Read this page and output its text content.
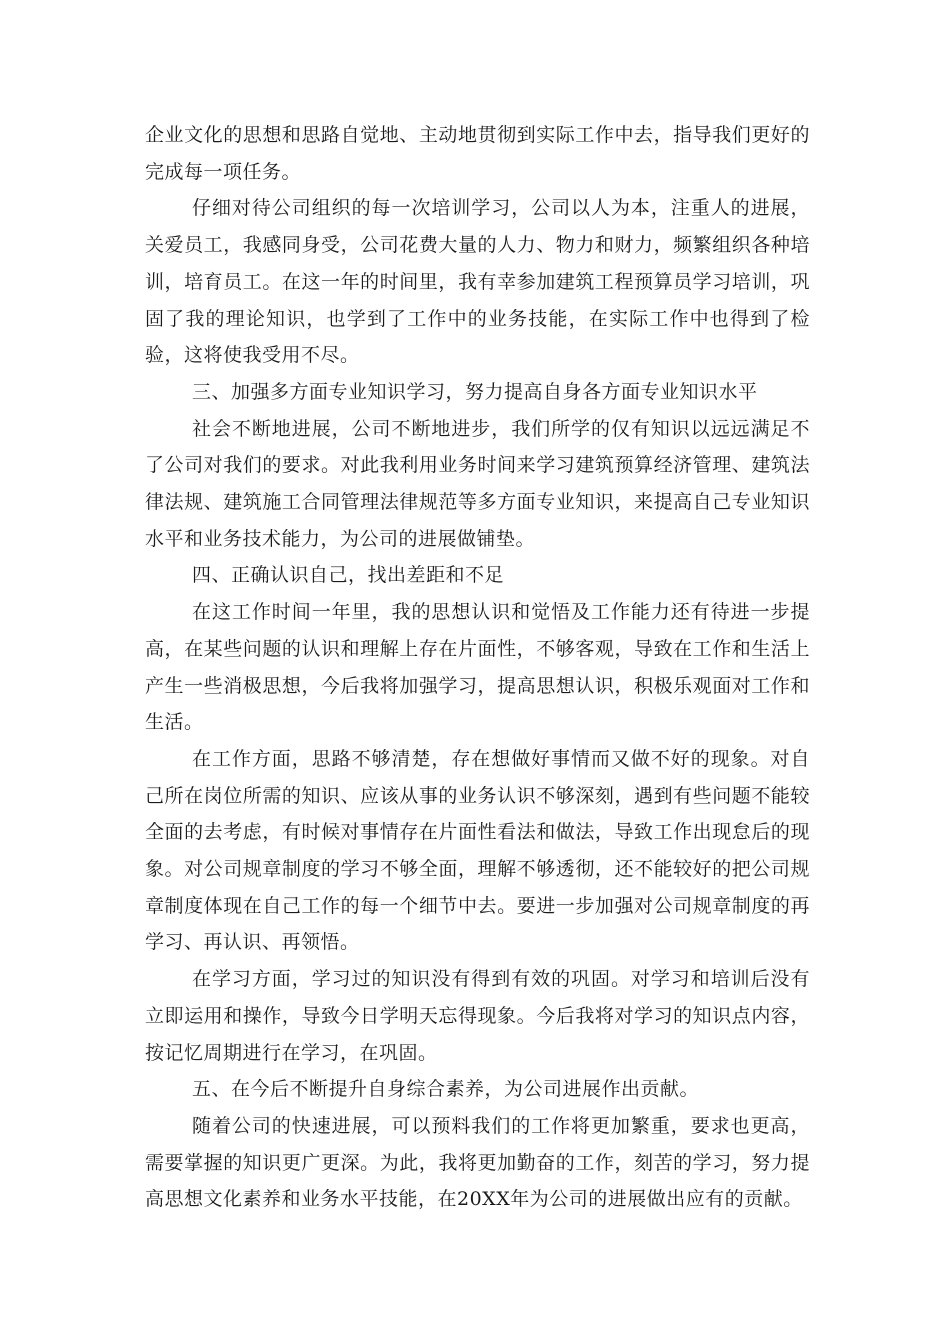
企业文化的思想和思路自觉地、主动地贯彻到实际工作中去，指导我们更好的完成每一项任务。

仔细对待公司组织的每一次培训学习，公司以人为本，注重人的进展，关爱员工，我感同身受，公司花费大量的人力、物力和财力，频繁组织各种培训，培育员工。在这一年的时间里，我有幸参加建筑工程预算员学习培训，巩固了我的理论知识，也学到了工作中的业务技能，在实际工作中也得到了检验，这将使我受用不尽。

三、加强多方面专业知识学习，努力提高自身各方面专业知识水平

社会不断地进展，公司不断地进步，我们所学的仅有知识以远远满足不了公司对我们的要求。对此我利用业务时间来学习建筑预算经济管理、建筑法律法规、建筑施工合同管理法律规范等多方面专业知识，来提高自己专业知识水平和业务技术能力，为公司的进展做铺垫。

四、正确认识自己，找出差距和不足

在这工作时间一年里，我的思想认识和觉悟及工作能力还有待进一步提高，在某些问题的认识和理解上存在片面性，不够客观，导致在工作和生活上产生一些消极思想，今后我将加强学习，提高思想认识，积极乐观面对工作和生活。

在工作方面，思路不够清楚，存在想做好事情而又做不好的现象。对自己所在岗位所需的知识、应该从事的业务认识不够深刻，遇到有些问题不能较全面的去考虑，有时候对事情存在片面性看法和做法，导致工作出现怠后的现象。对公司规章制度的学习不够全面，理解不够透彻，还不能较好的把公司规章制度体现在自己工作的每一个细节中去。要进一步加强对公司规章制度的再学习、再认识、再领悟。

在学习方面，学习过的知识没有得到有效的巩固。对学习和培训后没有立即运用和操作，导致今日学明天忘得现象。今后我将对学习的知识点内容，按记忆周期进行在学习，在巩固。

五、在今后不断提升自身综合素养，为公司进展作出贡献。

随着公司的快速进展，可以预料我们的工作将更加繁重，要求也更高，需要掌握的知识更广更深。为此，我将更加勤奋的工作，刻苦的学习，努力提高思想文化素养和业务水平技能，在20XX年为公司的进展做出应有的贡献。
